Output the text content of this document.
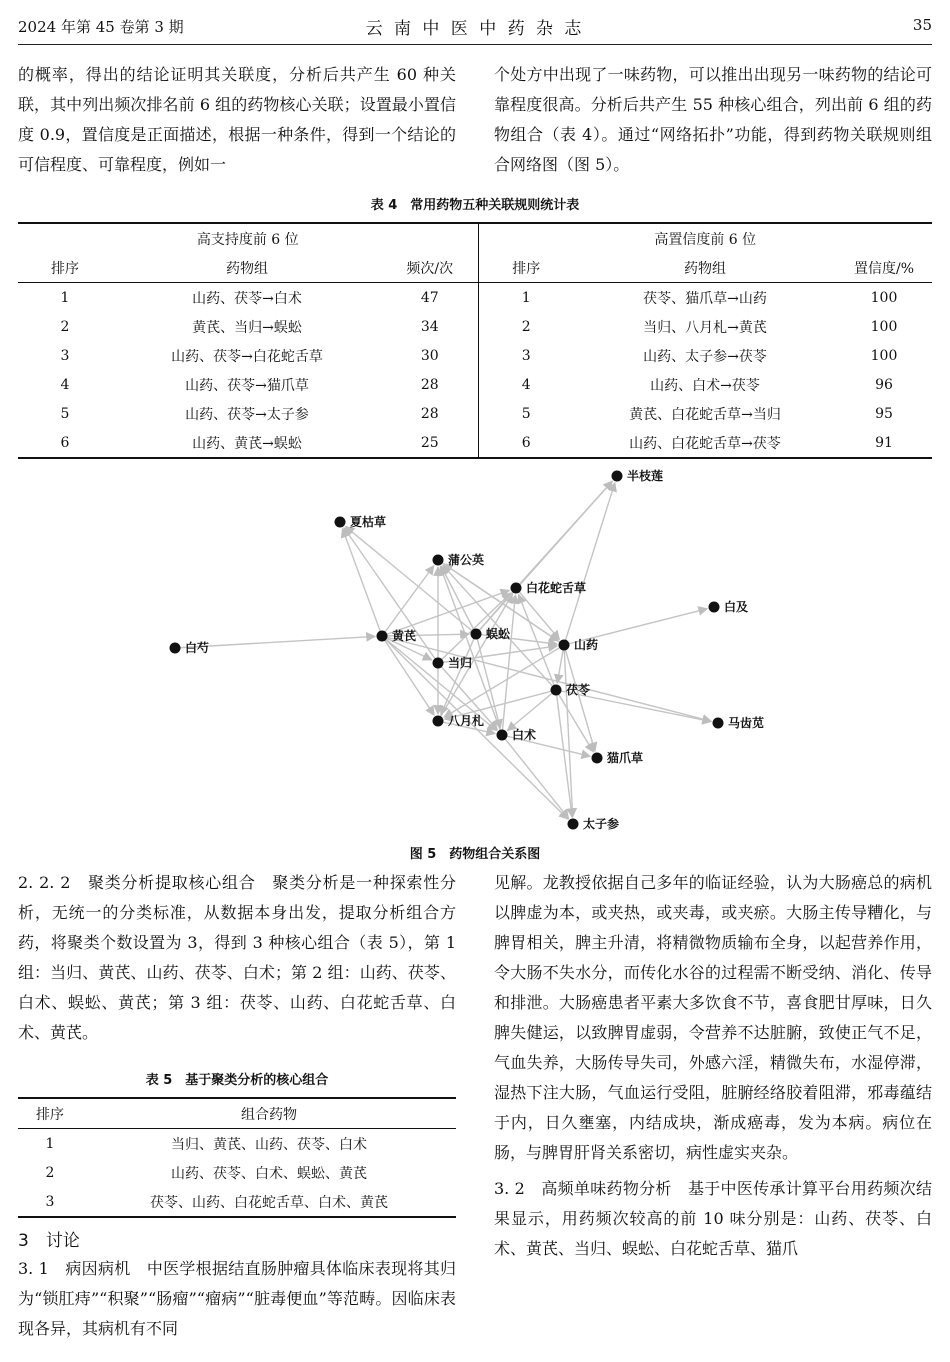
2024 年第 45 卷第 3 期	云 南 中 医 中 药 杂 志	35

的概率，得出的结论证明其关联度，分析后共产生 60 种关联，其中列出频次排名前 6 组的药物核心关联；设置最小置信度 0.9，置信度是正面描述，根据一种条件，得到一个结论的可信程度、可靠程度，例如一

个处方中出现了一味药物，可以推出出现另一味药物的结论可靠程度很高。分析后共产生 55 种核心组合，列出前 6 组的药物组合（表 4）。通过“网络拓扑”功能，得到药物关联规则组合网络图（图 5）。

表 4　常用药物五种关联规则统计表
高支持度前 6 位			高置信度前 6 位		
排序	药物组	频次/次	排序	药物组	置信度/%
1	山药、茯苓→白术	47	1	茯苓、猫爪草→山药	100
2	黄芪、当归→蜈蚣	34	2	当归、八月札→黄芪	100
3	山药、茯苓→白花蛇舌草	30	3	山药、太子参→茯苓	100
4	山药、茯苓→猫爪草	28	4	山药、白术→茯苓	96
5	山药、茯苓→太子参	28	5	黄芪、白花蛇舌草→当归	95
6	山药、黄芪→蜈蚣	25	6	山药、白花蛇舌草→茯苓	91
半枝莲
夏枯草
蒲公英
白花蛇舌草
白及
白芍
黄芪	蜈蚣
山药
当归
茯苓
八月札
白术
马齿苋
猫爪草
太子参
图 5　药物组合关系图

2. 2. 2　聚类分析提取核心组合　聚类分析是一种探索性分析，无统一的分类标准，从数据本身出发，提取分析组合方药，将聚类个数设置为 3，得到 3 种核心组合（表 5），第 1 组：当归、黄芪、山药、茯苓、白术；第 2 组：山药、茯苓、白术、蜈蚣、黄芪；第 3 组：茯苓、山药、白花蛇舌草、白术、黄芪。

表 5　基于聚类分析的核心组合
排序	组合药物
1	当归、黄芪、山药、茯苓、白术
2	山药、茯苓、白术、蜈蚣、黄芪
3	茯苓、山药、白花蛇舌草、白术、黄芪
3　讨论

3. 1　病因病机　中医学根据结直肠肿瘤具体临床表现将其归为“锁肛痔”“积聚”“肠瘤”“瘤病”“脏毒便血”等范畴。因临床表现各异，其病机有不同

见解。龙教授依据自己多年的临证经验，认为大肠癌总的病机以脾虚为本，或夹热，或夹毒，或夹瘀。大肠主传导糟化，与脾胃相关，脾主升清，将精微物质输布全身，以起营养作用，令大肠不失水分，而传化水谷的过程需不断受纳、消化、传导和排泄。大肠癌患者平素大多饮食不节，喜食肥甘厚味，日久脾失健运，以致脾胃虚弱，令营养不达脏腑，致使正气不足，气血失养，大肠传导失司，外感六淫，精微失布，水湿停滞，湿热下注大肠，气血运行受阻，脏腑经络胶着阻滞，邪毒蕴结于内，日久壅塞，内结成块，渐成癌毒，发为本病。病位在肠，与脾胃肝肾关系密切，病性虚实夹杂。

3. 2　高频单味药物分析　基于中医传承计算平台用药频次结果显示，用药频次较高的前 10 味分别是：山药、茯苓、白术、黄芪、当归、蜈蚣、白花蛇舌草、猫爪
